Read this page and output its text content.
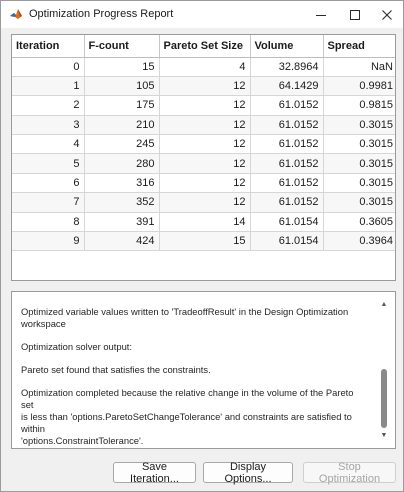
Optimization Progress Report
Iteration	F-count	Pareto Set Size	Volume	Spread
0	15	4	32.8964	NaN
1	105	12	64.1429	0.9981
2	175	12	61.0152	0.9815
3	210	12	61.0152	0.3015
4	245	12	61.0152	0.3015
5	280	12	61.0152	0.3015
6	316	12	61.0152	0.3015
7	352	12	61.0152	0.3015
8	391	14	61.0154	0.3605
9	424	15	61.0154	0.3964
Optimized variable values written to 'TradeoffResult' in the Design Optimization
workspace
Optimization solver output:
Pareto set found that satisfies the constraints.
Optimization completed because the relative change in the volume of the Pareto
set
is less than 'options.ParetoSetChangeTolerance' and constraints are satisfied to
within
'options.ConstraintTolerance'.
▲
▼
Save Iteration...
Display Options...
Stop Optimization
